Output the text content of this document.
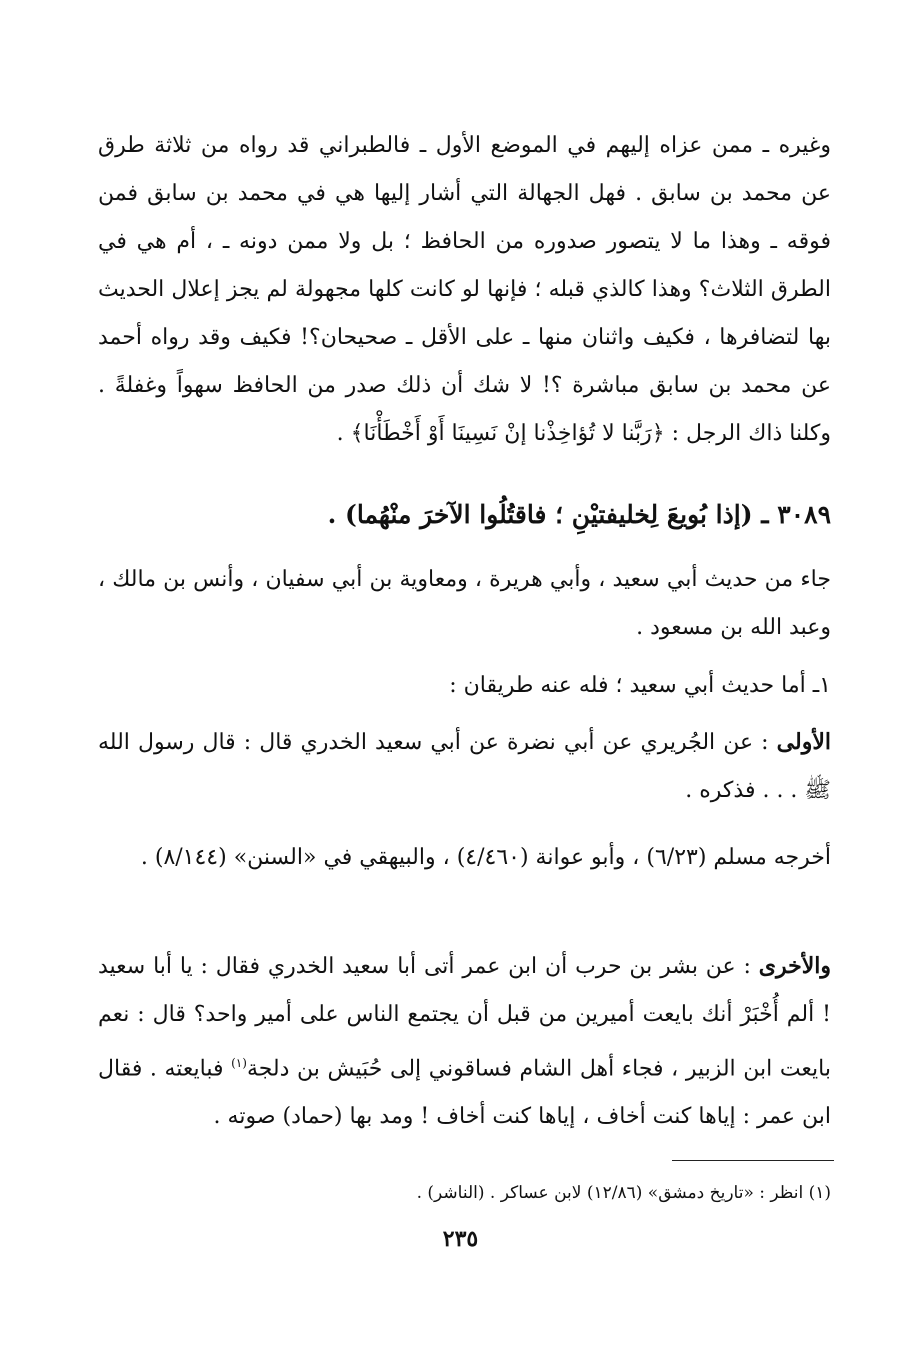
وغيره ـ ممن عزاه إليهم في الموضع الأول ـ فالطبراني قد رواه من ثلاثة طرق عن محمد بن سابق . فهل الجهالة التي أشار إليها هي في محمد بن سابق فمن فوقه ـ وهذا ما لا يتصور صدوره من الحافظ ؛ بل ولا ممن دونه ـ ، أم هي في الطرق الثلاث؟ وهذا كالذي قبله ؛ فإنها لو كانت كلها مجهولة لم يجز إعلال الحديث بها لتضافرها ، فكيف واثنان منها ـ على الأقل ـ صحيحان؟! فكيف وقد رواه أحمد عن محمد بن سابق مباشرة ؟! لا شك أن ذلك صدر من الحافظ سهواً وغفلةً . وكلنا ذاك الرجل : ﴿رَبَّنا لا تُؤاخِذْنا إنْ نَسِينَا أَوْ أَخْطَأْنَا﴾ .
٣٠٨٩ ـ (إذا بُويعَ لِخليفتيْنِ ؛ فاقتُلُوا الآخرَ منْهُما) .
جاء من حديث أبي سعيد ، وأبي هريرة ، ومعاوية بن أبي سفيان ، وأنس بن مالك ، وعبد الله بن مسعود .
١ـ أما حديث أبي سعيد ؛ فله عنه طريقان :
الأولى : عن الجُريري عن أبي نضرة عن أبي سعيد الخدري قال : قال رسول الله ﷺ . . . فذكره .
أخرجه مسلم (٦/٢٣) ، وأبو عوانة (٤/٤٦٠) ، والبيهقي في «السنن» (٨/١٤٤) .
والأخرى : عن بشر بن حرب أن ابن عمر أتى أبا سعيد الخدري فقال : يا أبا سعيد ! ألم أُخْبَرْ أنك بايعت أميرين من قبل أن يجتمع الناس على أمير واحد؟ قال : نعم بايعت ابن الزبير ، فجاء أهل الشام فساقوني إلى حُبَيش بن دلجة$^{(١)}$ فبايعته . فقال ابن عمر : إياها كنت أخاف ، إياها كنت أخاف ! ومد بها (حماد) صوته .
(١) انظر : «تاريخ دمشق» (١٢/٨٦) لابن عساكر . (الناشر) .
٢٣٥
